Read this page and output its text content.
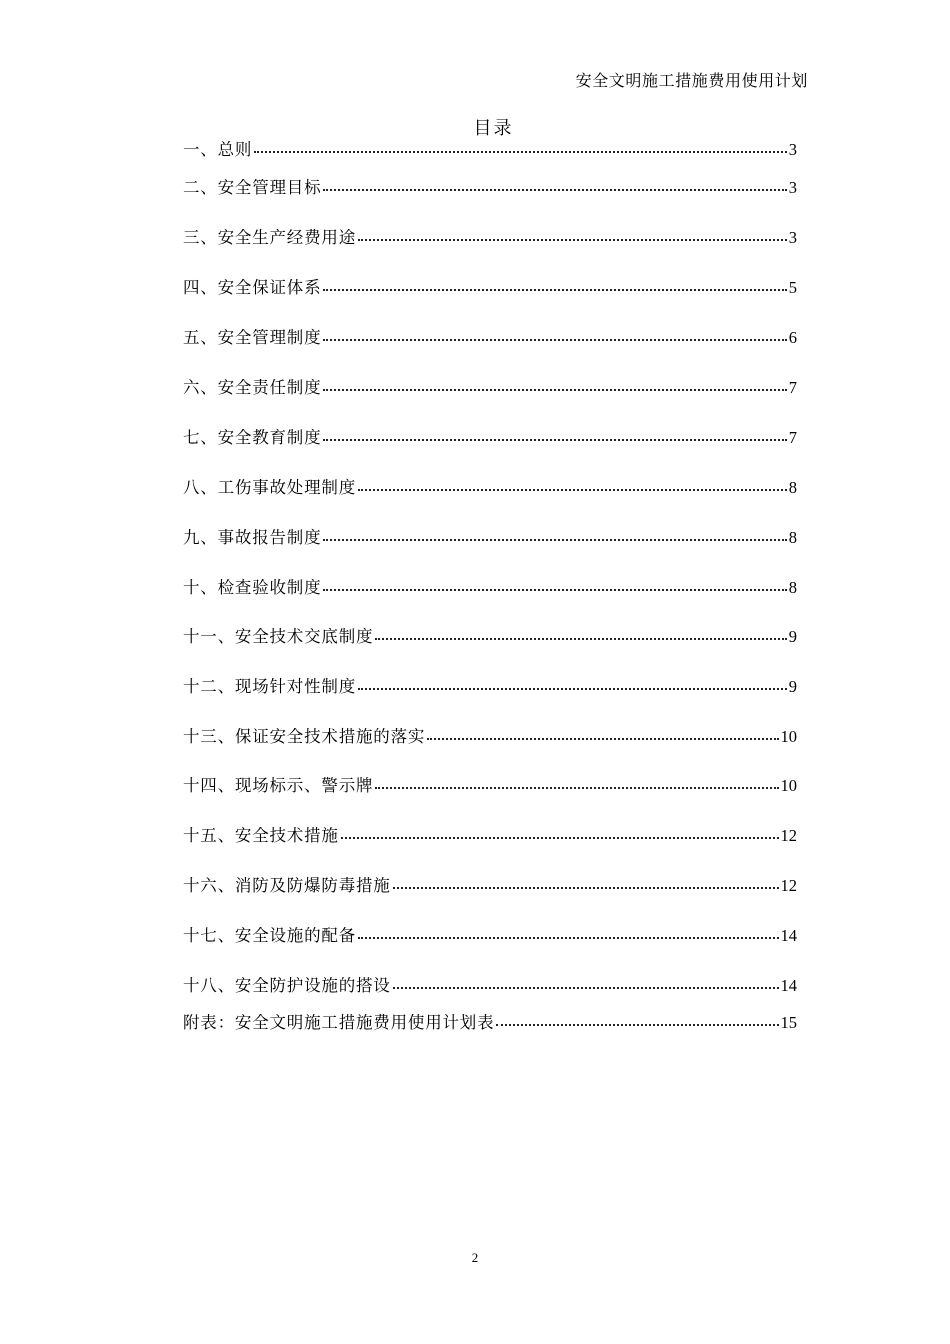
安全文明施工措施费用使用计划
目录
一、总则	3
二、安全管理目标	3
三、安全生产经费用途	3
四、安全保证体系	5
五、安全管理制度	6
六、安全责任制度	7
七、安全教育制度	7
八、工伤事故处理制度	8
九、事故报告制度	8
十、检查验收制度	8
十一、安全技术交底制度	9
十二、现场针对性制度	9
十三、保证安全技术措施的落实	10
十四、现场标示、警示牌	10
十五、安全技术措施	12
十六、消防及防爆防毒措施	12
十七、安全设施的配备	14
十八、安全防护设施的搭设	14
附表：安全文明施工措施费用使用计划表	15
2
